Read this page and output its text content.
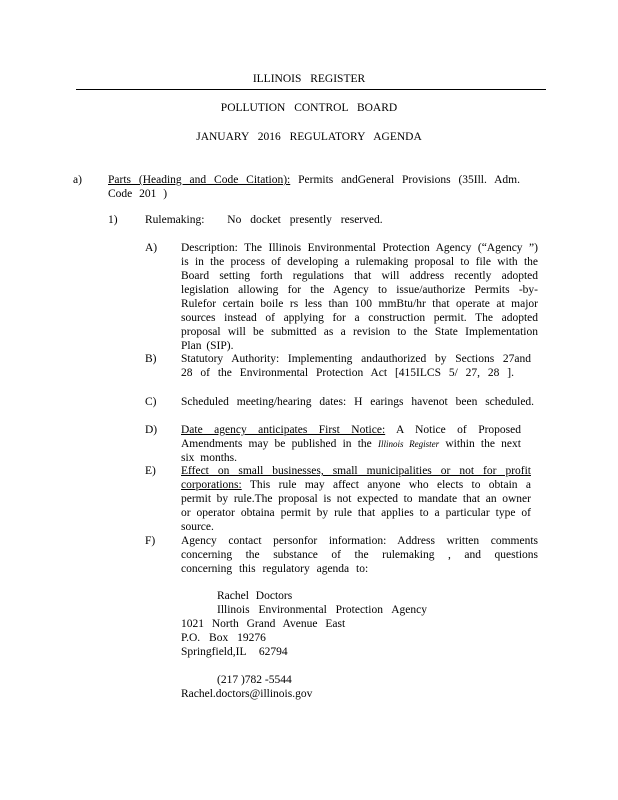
ILLINOIS REGISTER
POLLUTION CONTROL BOARD
JANUARY 2016 REGULATORY AGENDA
a) Parts (Heading and Code Citation): Permits andGeneral Provisions (35Ill. Adm. Code 201 )
1) Rulemaking: No docket presently reserved.
A) Description: The Illinois Environmental Protection Agency (“Agency ”) is in the process of developing a rulemaking proposal to file with the Board setting forth regulations that will address recently adopted legislation allowing for the Agency to issue/authorize Permits -by-Rulefor certain boile rs less than 100 mmBtu/hr that operate at major sources instead of applying for a construction permit. The adopted proposal will be submitted as a revision to the State Implementation Plan (SIP).
B) Statutory Authority: Implementing andauthorized by Sections 27and 28 of the Environmental Protection Act [415ILCS 5/ 27, 28 ].
C) Scheduled meeting/hearing dates: H earings havenot been scheduled.
D) Date agency anticipates First Notice: A Notice of Proposed Amendments may be published in the Illinois Register within the next six months.
E) Effect on small businesses, small municipalities or not for profit corporations: This rule may affect anyone who elects to obtain a permit by rule.The proposal is not expected to mandate that an owner or operator obtaina permit by rule that applies to a particular type of source.
F) Agency contact personfor information: Address written comments concerning the substance of the rulemaking , and questions concerning this regulatory agenda to:
Rachel Doctors
Illinois Environmental Protection Agency
1021 North Grand Avenue East
P.O. Box 19276
Springfield,IL 62794
(217 )782 -5544
Rachel.doctors@illinois.gov
